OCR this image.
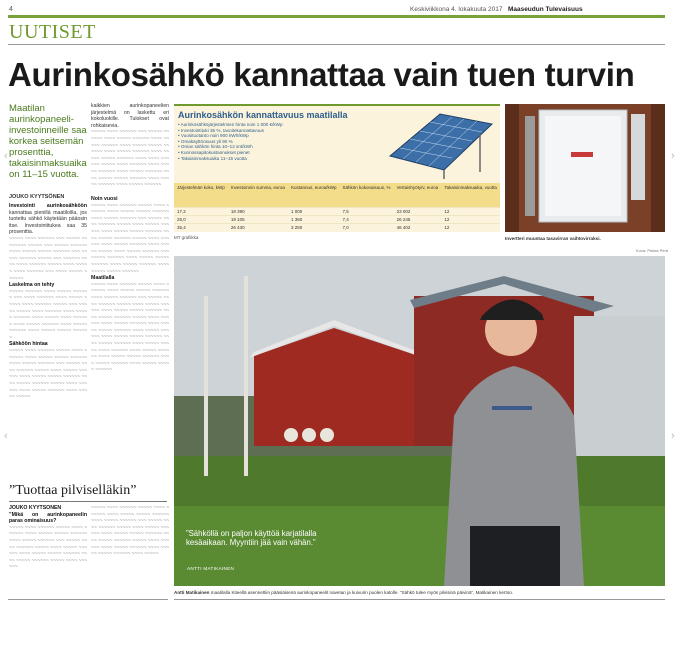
4	Keskiviikkona 4. lokakuuta 2017 Maaseudun Tulevaisuus
UUTISET
Aurinkosähkö kannattaa vain tuen turvin
Maatilan aurinkopaneeli-investoinneille saa korkea seitsemän prosenttia, takaisinmaksuaika on 11–15 vuotta.
JOUKO KYYTSÖNEN
Investointi aurinkosähköön kannattaa pienillä maatiloilla, jos tuotettu sähkö käytetään pääosin itse. Investointitukea saa 35 prosenttia.
~~~~~ ~~~~ ~~~~~~ ~~~ ~~~~~ ~~~~~~~~ ~~~~~ ~~~ ~~~~~ ~~~~~~ ~~~~ ~~~~~ ~~~~~ ~~~~~~ ~~~ ~~~~~ ~~~~~~ ~~~~~ ~~~ ~~~~~~ ~~~~ ~~~~ ~~~~~~ ~~~~~ ~~~~ ~~~~~ ~~~~ ~~~~~~ ~~~ ~~~~ ~~~~~ ~~~~~~
Laskelma on tehty
~~~~~ ~~~~~~ ~~~~ ~~~~~ ~~~~~~ ~~~ ~~~~ ~~~~~~ ~~~~ ~~~~~ ~~~~~ ~~~~ ~~~~~~ ~~~~~ ~~~ ~~~~~ ~~~~~ ~~~~ ~~~~~~ ~~~~ ~~~~~ ~~~~~~ ~~~~ ~~~~~ ~~~~ ~~~~~~ ~~~~ ~~~~~ ~~~~~~ ~~~~ ~~~~~ ~~~~~~ ~~~~ ~~~~~ ~~~~~ ~~~~~~
Sähköön hintaa
~~~~~ ~~~~ ~~~~~~ ~~~~~ ~~~~ ~~~~~~ ~~~~ ~~~~~ ~~~~~ ~~~~~~ ~~~~ ~~~~~ ~~~~~~ ~~~ ~~~~~ ~~~~ ~~~~~~ ~~~~~ ~~~~ ~~~~~ ~~~~~~ ~~~~ ~~~~~ ~~~~~ ~~~~~~ ~~~~ ~~~~~ ~~~~~~ ~~~~~ ~~~~ ~~~~~~ ~~~~ ~~~~~ ~~~~~~ ~~~~ ~~~~~ ~~~~~
kaikkien aurinkopaneelien järjestelmä on laskettu eri kokoluokille. Tulokset ovat rohkaisevia.
~~~~~ ~~~~ ~~~~~~ ~~~ ~~~~~ ~~~~~~ ~~~~ ~~~~~ ~~~~~~ ~~~~ ~~~~~ ~~~~~~ ~~~~ ~~~~~ ~~~~~ ~~~~~~ ~~~~ ~~~~~ ~~~~~~ ~~~~ ~~~~~ ~~~~~ ~~~~~~ ~~~~ ~~~~ ~~~~~~ ~~~~~ ~~~~ ~~~~~~ ~~~~ ~~~~~ ~~~~~~ ~~~~ ~~~~~ ~~~~~~ ~~~~ ~~~~~ ~~~~~ ~~~~~~ ~~~~ ~~~~~ ~~~~~~ ~~~~ ~~~~~ ~~~~~~
Noin vuosi
~~~~~ ~~~~ ~~~~~~ ~~~~~ ~~~~ ~~~~~~ ~~~~ ~~~~~ ~~~~~ ~~~~~~ ~~~~ ~~~~~ ~~~~~~ ~~~ ~~~~~ ~~~~ ~~~~~~ ~~~~~ ~~~~ ~~~~~ ~~~~~~ ~~~~ ~~~~~ ~~~~~ ~~~~~~ ~~~~ ~~~~~ ~~~~~~ ~~~~~ ~~~~ ~~~~~~ ~~~~ ~~~~~ ~~~~~~ ~~~~ ~~~~~ ~~~~~ ~~~~ ~~~~~ ~~~~~~ ~~~ ~~~~~ ~~~~~~ ~~~~ ~~~~~ ~~~~~ ~~~~~~ ~~~~ ~~~~~ ~~~~~~ ~~~~ ~~~~~ ~~~~~ ~~~~~~
Maatilalla
~~~~~ ~~~~ ~~~~~~ ~~~~~ ~~~~ ~~~~~~ ~~~~ ~~~~~ ~~~~~ ~~~~~~ ~~~~ ~~~~~ ~~~~~~ ~~~ ~~~~~ ~~~~ ~~~~~~ ~~~~~ ~~~~ ~~~~~ ~~~~~~ ~~~~ ~~~~~ ~~~~~ ~~~~~~ ~~~~ ~~~~~ ~~~~~~ ~~~~~ ~~~~ ~~~~~~ ~~~~ ~~~~~ ~~~~~~ ~~~~ ~~~~~ ~~~~~ ~~~~~~ ~~~~ ~~~~~ ~~~~~~ ~~~~ ~~~~~ ~~~~~ ~~~~~~ ~~~~ ~~~~~ ~~~~~~ ~~~~ ~~~~~ ~~~~~ ~~~~ ~~~~~~ ~~~~ ~~~~~ ~~~~~~ ~~~~ ~~~~~ ~~~~~ ~~~~~~ ~~~~ ~~~~~ ~~~~~~ ~~~~ ~~~~~ ~~~~~ ~~~~~~
”Tuottaa pilviselläkin”
JOUKO KYYTSÖNEN
”Mikä on aurinkopaneelin paras ominaisuus?
~~~~~ ~~~~ ~~~~~~ ~~~~~ ~~~~ ~~~~~~ ~~~~ ~~~~~ ~~~~~ ~~~~~~ ~~~~ ~~~~~ ~~~~~~ ~~~ ~~~~~ ~~~~ ~~~~~~ ~~~~~ ~~~~ ~~~~~ ~~~~~~ ~~~~ ~~~~~ ~~~~~ ~~~~~~ ~~~~ ~~~~~ ~~~~~~ ~~~~~ ~~~~ ~~~~~~
~~~~~ ~~~~ ~~~~~~ ~~~~~ ~~~~ ~~~~~~ ~~~~ ~~~~~ ~~~~~ ~~~~~~ ~~~~ ~~~~~ ~~~~~~ ~~~ ~~~~~ ~~~~ ~~~~~~ ~~~~~ ~~~~ ~~~~~ ~~~~~~ ~~~~ ~~~~~ ~~~~~ ~~~~~~ ~~~~ ~~~~~ ~~~~~~ ~~~~~ ~~~~ ~~~~~~ ~~~~ ~~~~~ ~~~~~~ ~~~~ ~~~~~ ~~~~~ ~~~~~~ ~~~~ ~~~~~
Aurinkosähkön kannattavuus maatilalla
• Aurinkosähköjärjestelmien hinta noin 1 000 €/kWp
• Investointituki 35 %, tavoitekannattavuus
• Vuosituotanto noin 900 kWh/kWp
• Omakäyttöosuus yli 90 %
• Oman sähkön hinta 10–12 snt/kWh
• Kunnossapitokustannukset pienet
• Takaisinmaksuaika 11–15 vuotta
Järjestelmän koko, kWp	Investoinnin summa, euroa	Kustannus, euroa/kWp	Sähkön kokonaisuus, %	Vertaishyöty/v, euroa	Takaisinmaksuaika, vuotta
17,2	18 390	1 000	7,5	23 002	12
25,0	19 105	1 360	7,4	26 245	12
35,4	26 430	3 250	7,0	46 402	12
MT grafiikka	Invertteri muuntaa tasavirran vaihtovirraksi.
Kuva: Pekka Perä
”Sähköllä on paljon käyttöä karjatilalla kesäaikaan. Myyntiin jää vain vähän.”
ANTTI MATIKAINEN
Antti Matikainen maatilalla Kiteellä asennettiin pääsiäisenä aurinkopaneelit navetan ja kuivurin puolen katolle. ”Sähkö tulee myös pilvisinä päivinä”, Matikainen kertoo.
‹	›
‹	›
